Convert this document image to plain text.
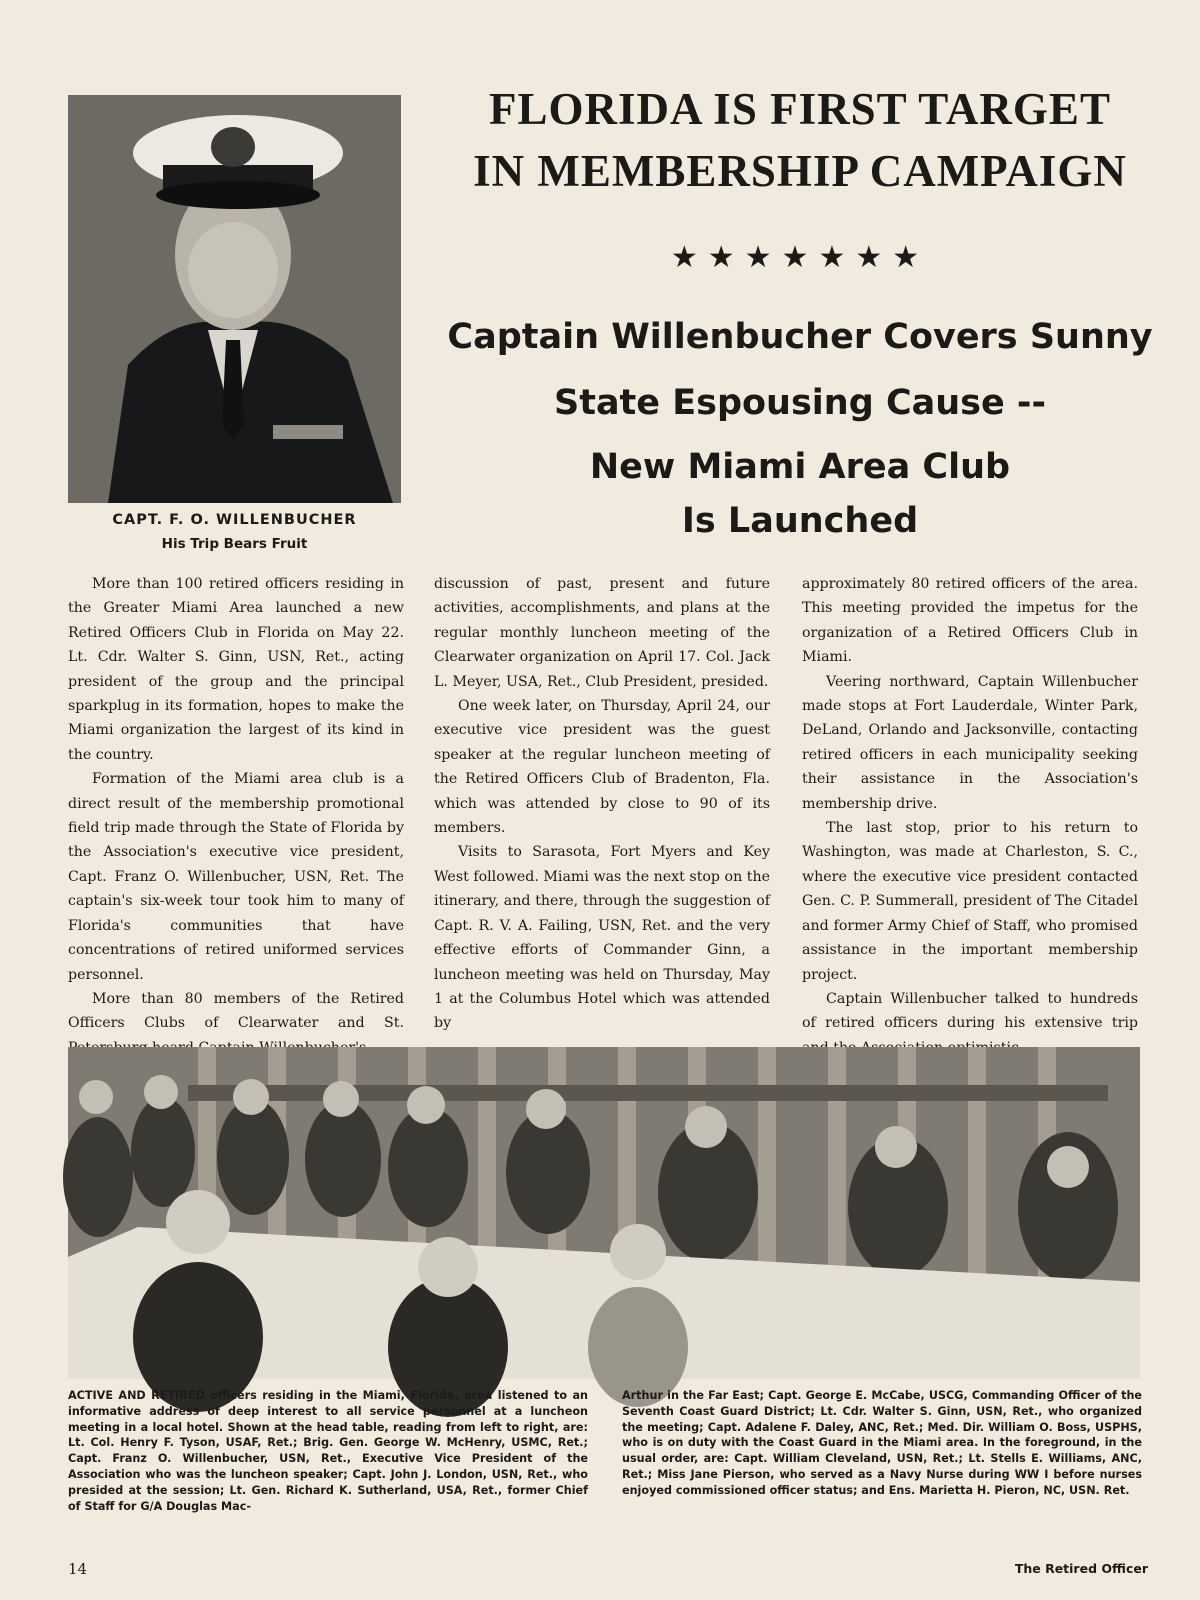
CAPT. F. O. WILLENBUCHER
His Trip Bears Fruit
FLORIDA IS FIRST TARGET
IN MEMBERSHIP CAMPAIGN
★★★★★★★
Captain Willenbucher Covers Sunny
State Espousing Cause --
New Miami Area Club
Is Launched

More than 100 retired officers residing in the Greater Miami Area launched a new Retired Officers Club in Florida on May 22. Lt. Cdr. Walter S. Ginn, USN, Ret., acting president of the group and the principal sparkplug in its formation, hopes to make the Miami organization the largest of its kind in the country.

Formation of the Miami area club is a direct result of the membership promotional field trip made through the State of Florida by the Association's executive vice president, Capt. Franz O. Willenbucher, USN, Ret. The captain's six-week tour took him to many of Florida's communities that have concentrations of retired uniformed services personnel.

More than 80 members of the Retired Officers Clubs of Clearwater and St.

discussion of past, present and future activities, accomplishments, and plans at the regular monthly luncheon meeting of the Clearwater organization on April 17. Col. Jack L. Meyer, USA, Ret., Club President, presided.

One week later, on Thursday, April 24, our executive vice president was the guest speaker at the regular luncheon meeting of the Retired Officers Club of Bradenton, Fla. which was attended by close to 90 of its members.

Visits to Sarasota, Fort Myers and Key West followed. Miami was the next stop on the itinerary, and there, through the suggestion of Capt. R. V. A. Failing, USN, Ret. and the very effective efforts of Commander Ginn, a luncheon meeting was held on Thursday, May 1 at the Columbus Hotel which was attended by

approximately 80 retired officers of the area. This meeting provided the impetus for the organization of a Retired Officers Club in Miami.

Veering northward, Captain Willenbucher made stops at Fort Lauderdale, Winter Park, DeLand, Orlando and Jacksonville, contacting retired officers in each municipality seeking their assistance in the Association's membership drive.

The last stop, prior to his return to Washington, was made at Charleston, S. C., where the executive vice president contacted Gen. C. P. Summerall, president of The Citadel and former Army Chief of Staff, who promised assistance in the important membership project.

Captain Willenbucher talked to hundreds of retired officers during his extensive trip

ACTIVE AND RETIRED officers residing in the Miami, Florida, area listened to an informative address of deep interest to all service personnel at a luncheon meeting in a local hotel. Shown at the head table, reading from left to right, are: Lt. Col. Henry F. Tyson, USAF, Ret.; Brig. Gen. George W. McHenry, USMC, Ret.; Capt. Franz O. Willenbucher, USN, Ret., Executive Vice President of the Association who was the luncheon speaker; Capt. John J. London, USN, Ret., who presided at the session; Lt. Gen. Richard K. Sutherland, USA, Ret., former Chief of Staff for G/A Douglas Mac-

Arthur in the Far East; Capt. George E. McCabe, USCG, Commanding Officer of the Seventh Coast Guard District; Lt. Cdr. Walter S. Ginn, USN, Ret., who organized the meeting; Capt. Adalene F. Daley, ANC, Ret.; Med. Dir. William O. Boss, USPHS, who is on duty with the Coast Guard in the Miami area. In the foreground, in the usual order, are: Capt. William Cleveland, USN, Ret.; Lt. Stells E. Williams, ANC, Ret.; Miss Jane Pierson, who served as a Navy Nurse during WW I before nurses enjoyed commissioned officer status; and Ens. Marietta H. Pieron, NC, USN. Ret.

14	The Retired Officer
